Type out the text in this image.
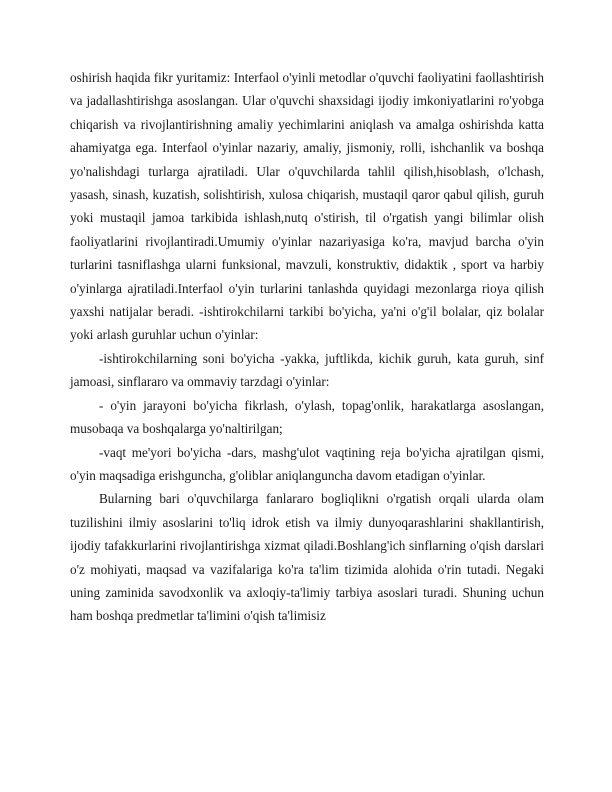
oshirish haqida fikr yuritamiz: Interfaol o'yinli metodlar o'quvchi faoliyatini faollashtirish va jadallashtirishga asoslangan. Ular o'quvchi shaxsidagi ijodiy imkoniyatlarini ro'yobga chiqarish va rivojlantirishning amaliy yechimlarini aniqlash va amalga oshirishda katta ahamiyatga ega. Interfaol o'yinlar nazariy, amaliy, jismoniy, rolli, ishchanlik va boshqa yo'nalishdagi turlarga ajratiladi. Ular o'quvchilarda tahlil qilish,hisoblash, o'lchash, yasash, sinash, kuzatish, solishtirish, xulosa chiqarish, mustaqil qaror qabul qilish, guruh yoki mustaqil jamoa tarkibida ishlash,nutq o'stirish, til o'rgatish yangi bilimlar olish faoliyatlarini rivojlantiradi.Umumiy o'yinlar nazariyasiga ko'ra, mavjud barcha o'yin turlarini tasniflashga ularni funksional, mavzuli, konstruktiv, didaktik , sport va harbiy o'yinlarga ajratiladi.Interfaol o'yin turlarini tanlashda quyidagi mezonlarga rioya qilish yaxshi natijalar beradi. -ishtirokchilarni tarkibi bo'yicha, ya'ni o'g'il bolalar, qiz bolalar yoki arlash guruhlar uchun o'yinlar:

-ishtirokchilarning soni bo'yicha -yakka, juftlikda, kichik guruh, kata guruh, sinf jamoasi, sinflararo va ommaviy tarzdagi o'yinlar:

- o'yin jarayoni bo'yicha fikrlash, o'ylash, topag'onlik, harakatlarga asoslangan, musobaqa va boshqalarga yo'naltirilgan;

-vaqt me'yori bo'yicha -dars, mashg'ulot vaqtining reja bo'yicha ajratilgan qismi, o'yin maqsadiga erishguncha, g'oliblar aniqlanguncha davom etadigan o'yinlar.

Bularning bari o'quvchilarga fanlararo bogliqlikni o'rgatish orqali ularda olam tuzilishini ilmiy asoslarini to'liq idrok etish va ilmiy dunyoqarashlarini shakllantirish, ijodiy tafakkurlarini rivojlantirishga xizmat qiladi.Boshlang'ich sinflarning o'qish darslari o'z mohiyati, maqsad va vazifalariga ko'ra ta'lim tizimida alohida o'rin tutadi. Negaki uning zaminida savodxonlik va axloqiy-ta'limiy tarbiya asoslari turadi. Shuning uchun ham boshqa predmetlar ta'limini o'qish ta'limisiz
